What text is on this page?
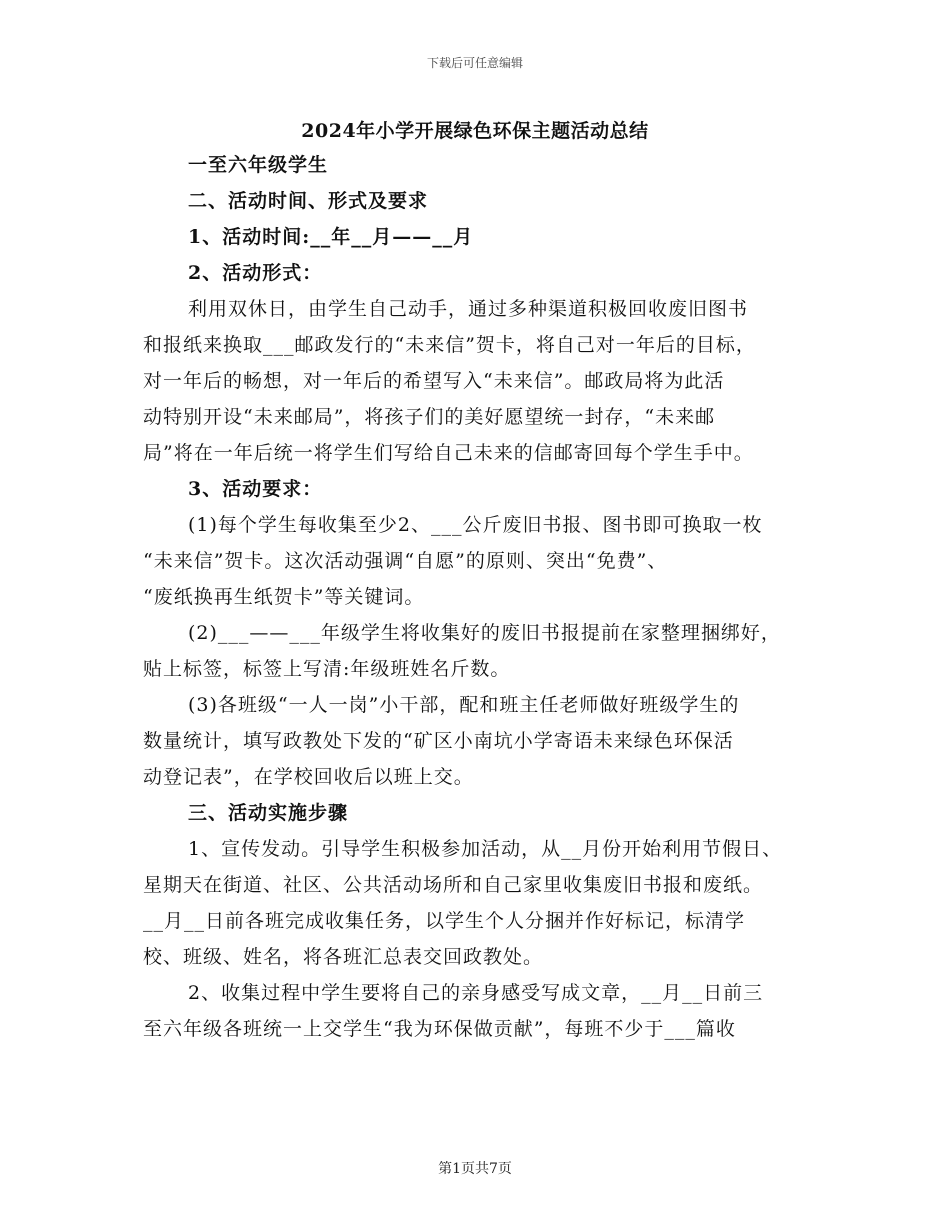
下载后可任意编辑
2024年小学开展绿色环保主题活动总结
一至六年级学生
二、活动时间、形式及要求
1、活动时间:__年__月——__月
2、活动形式：
利用双休日，由学生自己动手，通过多种渠道积极回收废旧图书
和报纸来换取___邮政发行的“未来信”贺卡，将自己对一年后的目标，
对一年后的畅想，对一年后的希望写入“未来信”。邮政局将为此活
动特别开设“未来邮局”，将孩子们的美好愿望统一封存，“未来邮
局”将在一年后统一将学生们写给自己未来的信邮寄回每个学生手中。
3、活动要求：
(1)每个学生每收集至少2、___公斤废旧书报、图书即可换取一枚
“未来信”贺卡。这次活动强调“自愿”的原则、突出“免费”、
“废纸换再生纸贺卡”等关键词。
(2)___——___年级学生将收集好的废旧书报提前在家整理捆绑好，
贴上标签，标签上写清:年级班姓名斤数。
(3)各班级“一人一岗”小干部，配和班主任老师做好班级学生的
数量统计，填写政教处下发的“矿区小南坑小学寄语未来绿色环保活
动登记表”，在学校回收后以班上交。
三、活动实施步骤
1、宣传发动。引导学生积极参加活动，从__月份开始利用节假日、
星期天在街道、社区、公共活动场所和自己家里收集废旧书报和废纸。
__月__日前各班完成收集任务，以学生个人分捆并作好标记，标清学
校、班级、姓名，将各班汇总表交回政教处。
2、收集过程中学生要将自己的亲身感受写成文章，__月__日前三
至六年级各班统一上交学生“我为环保做贡献”，每班不少于___篇收
第1页共7页
